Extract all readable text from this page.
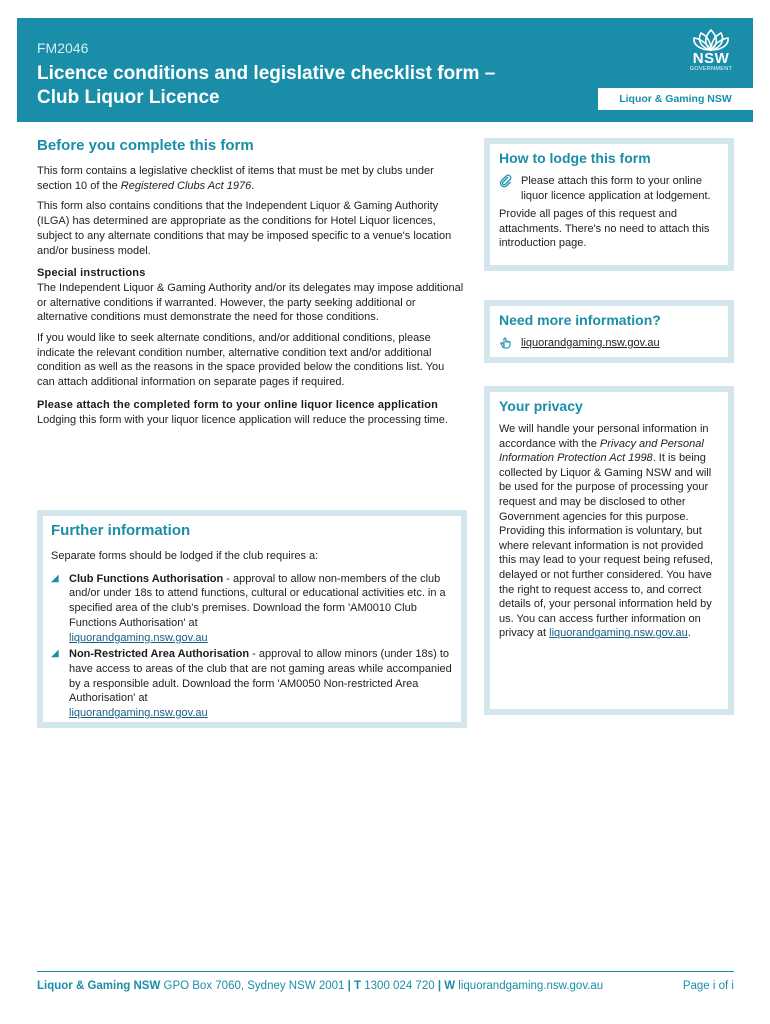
FM2046
Licence conditions and legislative checklist form –
Club Liquor Licence
NSW
GOVERNMENT
Liquor & Gaming NSW
Before you complete this form

This form contains a legislative checklist of items that must be met by clubs under section 10 of the Registered Clubs Act 1976.

This form also contains conditions that the Independent Liquor & Gaming Authority (ILGA) has determined are appropriate as the conditions for Hotel Liquor licences, subject to any alternate conditions that may be imposed specific to a venue's location and/or business model.

Special instructions

The Independent Liquor & Gaming Authority and/or its delegates may impose additional or alternative conditions if warranted. However, the party seeking additional or alternative conditions must demonstrate the need for those conditions.

If you would like to seek alternate conditions, and/or additional conditions, please indicate the relevant condition number, alternative condition text and/or additional condition as well as the reasons in the space provided below the conditions list. You can attach additional information on separate pages if required.

Please attach the completed form to your online liquor licence application

Lodging this form with your liquor licence application will reduce the processing time.

Further information

Separate forms should be lodged if the club requires a:

◢ Club Functions Authorisation - approval to allow non-members of the club and/or under 18s to attend functions, cultural or educational activities etc. in a specified area of the club's premises. Download the form 'AM0010 Club Functions Authorisation' at
liquorandgaming.nsw.gov.au
◢ Non-Restricted Area Authorisation - approval to allow minors (under 18s) to have access to areas of the club that are not gaming areas while accompanied by a responsible adult. Download the form 'AM0050 Non-restricted Area Authorisation' at
liquorandgaming.nsw.gov.au
How to lodge this form
Please attach this form to your online liquor licence application at lodgement.
Provide all pages of this request and attachments. There's no need to attach this introduction page.
Need more information?
liquorandgaming.nsw.gov.au
Your privacy
We will handle your personal information in accordance with the Privacy and Personal Information Protection Act 1998. It is being collected by Liquor & Gaming NSW and will be used for the purpose of processing your request and may be disclosed to other Government agencies for this purpose. Providing this information is voluntary, but where relevant information is not provided this may lead to your request being refused, delayed or not further considered. You have the right to request access to, and correct details of, your personal information held by us. You can access further information on privacy at liquorandgaming.nsw.gov.au.
Liquor & Gaming NSW GPO Box 7060, Sydney NSW 2001 | T 1300 024 720 | W liquorandgaming.nsw.gov.au	Page i of i
